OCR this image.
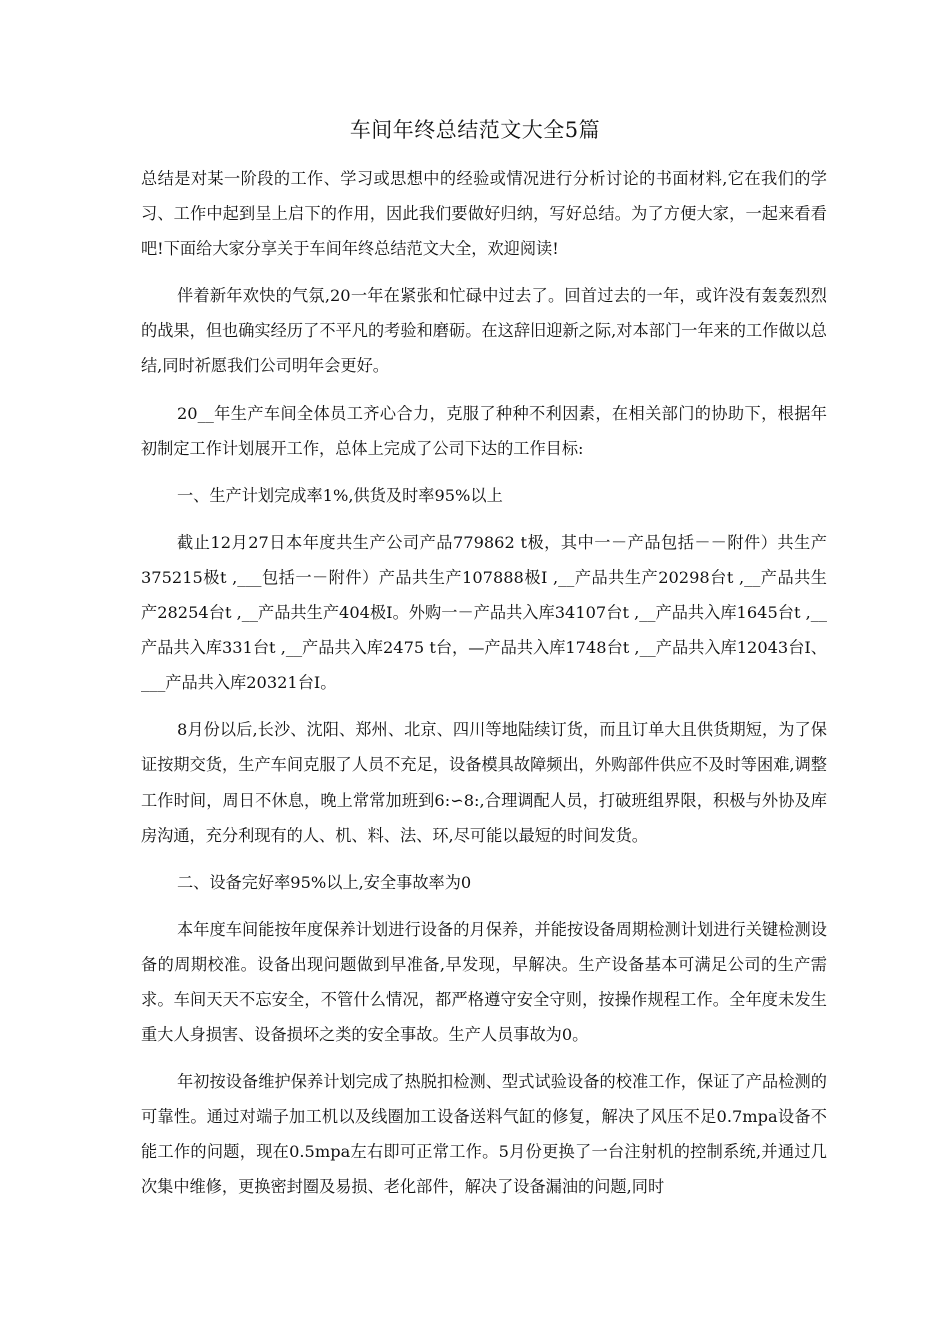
车间年终总结范文大全5篇

总结是对某一阶段的工作、学习或思想中的经验或情况进行分析讨论的书面材料,它在我们的学习、工作中起到呈上启下的作用，因此我们要做好归纳，写好总结。为了方便大家，一起来看看吧!下面给大家分享关于车间年终总结范文大全，欢迎阅读!

伴着新年欢快的气氛,20一年在紧张和忙碌中过去了。回首过去的一年，或许没有轰轰烈烈的战果，但也确实经历了不平凡的考验和磨砺。在这辞旧迎新之际,对本部门一年来的工作做以总结,同时祈愿我们公司明年会更好。

20__年生产车间全体员工齐心合力，克服了种种不利因素，在相关部门的协助下，根据年初制定工作计划展开工作，总体上完成了公司下达的工作目标:

一、生产计划完成率1%,供货及时率95%以上

截止12月27日本年度共生产公司产品779862 t极，其中一－产品包括－－附件）共生产375215极t ,___包括一－附件）产品共生产107888极I ,__产品共生产20298台t ,__产品共生产28254台t ,__产品共生产404极I。外购一－产品共入库34107台t ,__产品共入库1645台t ,__产品共入库331台t ,__产品共入库2475 t台，—产品共入库1748台t ,__产品共入库12043台I、___产品共入库20321台I。

8月份以后,长沙、沈阳、郑州、北京、四川等地陆续订货，而且订单大且供货期短，为了保证按期交货，生产车间克服了人员不充足，设备模具故障频出，外购部件供应不及时等困难,调整工作时间，周日不休息，晚上常常加班到6:∽8:,合理调配人员，打破班组界限，积极与外协及库房沟通，充分利现有的人、机、料、法、环,尽可能以最短的时间发货。

二、设备完好率95%以上,安全事故率为0

本年度车间能按年度保养计划进行设备的月保养，并能按设备周期检测计划进行关键检测设备的周期校准。设备出现问题做到早准备,早发现，早解决。生产设备基本可满足公司的生产需求。车间天天不忘安全，不管什么情况，都严格遵守安全守则，按操作规程工作。全年度未发生重大人身损害、设备损坏之类的安全事故。生产人员事故为0。

年初按设备维护保养计划完成了热脱扣检测、型式试验设备的校准工作，保证了产品检测的可靠性。通过对端子加工机以及线圈加工设备送料气缸的修复，解决了风压不足0.7mpa设备不能工作的问题，现在0.5mpa左右即可正常工作。5月份更换了一台注射机的控制系统,并通过几次集中维修，更换密封圈及易损、老化部件，解决了设备漏油的问题,同时
